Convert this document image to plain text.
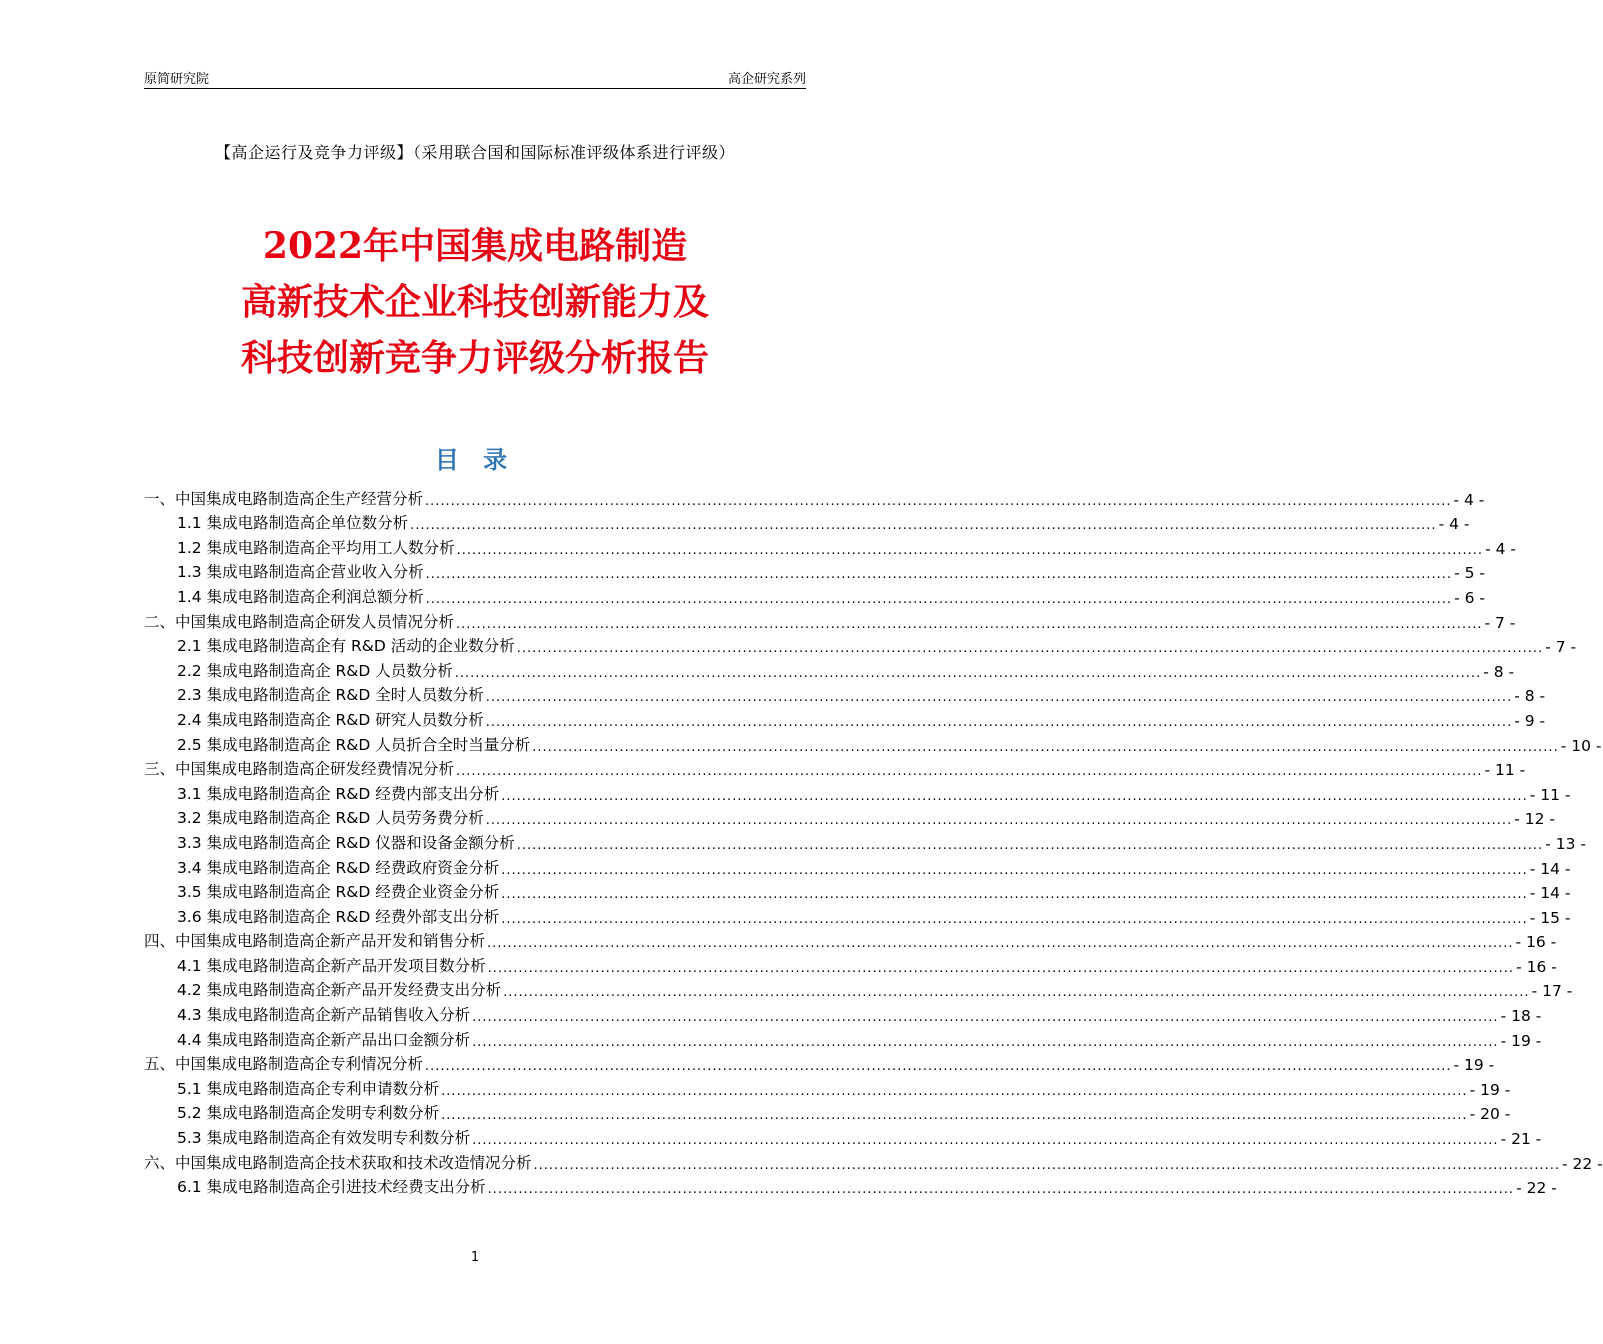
原简研究院	高企研究系列
【高企运行及竞争力评级】（采用联合国和国际标准评级体系进行评级）
2022年中国集成电路制造
高新技术企业科技创新能力及
科技创新竞争力评级分析报告
目 录
一、中国集成电路制造高企生产经营分析 ........................................................................................................................................................................................................ - 4 -
1.1 集成电路制造高企单位数分析 ........................................................................................................................................................................................................ - 4 -
1.2 集成电路制造高企平均用工人数分析 ........................................................................................................................................................................................................ - 4 -
1.3 集成电路制造高企营业收入分析 ........................................................................................................................................................................................................ - 5 -
1.4 集成电路制造高企利润总额分析 ........................................................................................................................................................................................................ - 6 -
二、中国集成电路制造高企研发人员情况分析 ........................................................................................................................................................................................................ - 7 -
2.1 集成电路制造高企有 R&D 活动的企业数分析 ........................................................................................................................................................................................................ - 7 -
2.2 集成电路制造高企 R&D 人员数分析 ........................................................................................................................................................................................................ - 8 -
2.3 集成电路制造高企 R&D 全时人员数分析 ........................................................................................................................................................................................................ - 8 -
2.4 集成电路制造高企 R&D 研究人员数分析 ........................................................................................................................................................................................................ - 9 -
2.5 集成电路制造高企 R&D 人员折合全时当量分析 ........................................................................................................................................................................................................ - 10 -
三、中国集成电路制造高企研发经费情况分析 ........................................................................................................................................................................................................ - 11 -
3.1 集成电路制造高企 R&D 经费内部支出分析 ........................................................................................................................................................................................................ - 11 -
3.2 集成电路制造高企 R&D 人员劳务费分析 ........................................................................................................................................................................................................ - 12 -
3.3 集成电路制造高企 R&D 仪器和设备金额分析 ........................................................................................................................................................................................................ - 13 -
3.4 集成电路制造高企 R&D 经费政府资金分析 ........................................................................................................................................................................................................ - 14 -
3.5 集成电路制造高企 R&D 经费企业资金分析 ........................................................................................................................................................................................................ - 14 -
3.6 集成电路制造高企 R&D 经费外部支出分析 ........................................................................................................................................................................................................ - 15 -
四、中国集成电路制造高企新产品开发和销售分析 ........................................................................................................................................................................................................ - 16 -
4.1 集成电路制造高企新产品开发项目数分析 ........................................................................................................................................................................................................ - 16 -
4.2 集成电路制造高企新产品开发经费支出分析 ........................................................................................................................................................................................................ - 17 -
4.3 集成电路制造高企新产品销售收入分析 ........................................................................................................................................................................................................ - 18 -
4.4 集成电路制造高企新产品出口金额分析 ........................................................................................................................................................................................................ - 19 -
五、中国集成电路制造高企专利情况分析 ........................................................................................................................................................................................................ - 19 -
5.1 集成电路制造高企专利申请数分析 ........................................................................................................................................................................................................ - 19 -
5.2 集成电路制造高企发明专利数分析 ........................................................................................................................................................................................................ - 20 -
5.3 集成电路制造高企有效发明专利数分析 ........................................................................................................................................................................................................ - 21 -
六、中国集成电路制造高企技术获取和技术改造情况分析 ........................................................................................................................................................................................................ - 22 -
6.1 集成电路制造高企引进技术经费支出分析 ........................................................................................................................................................................................................ - 22 -
1
